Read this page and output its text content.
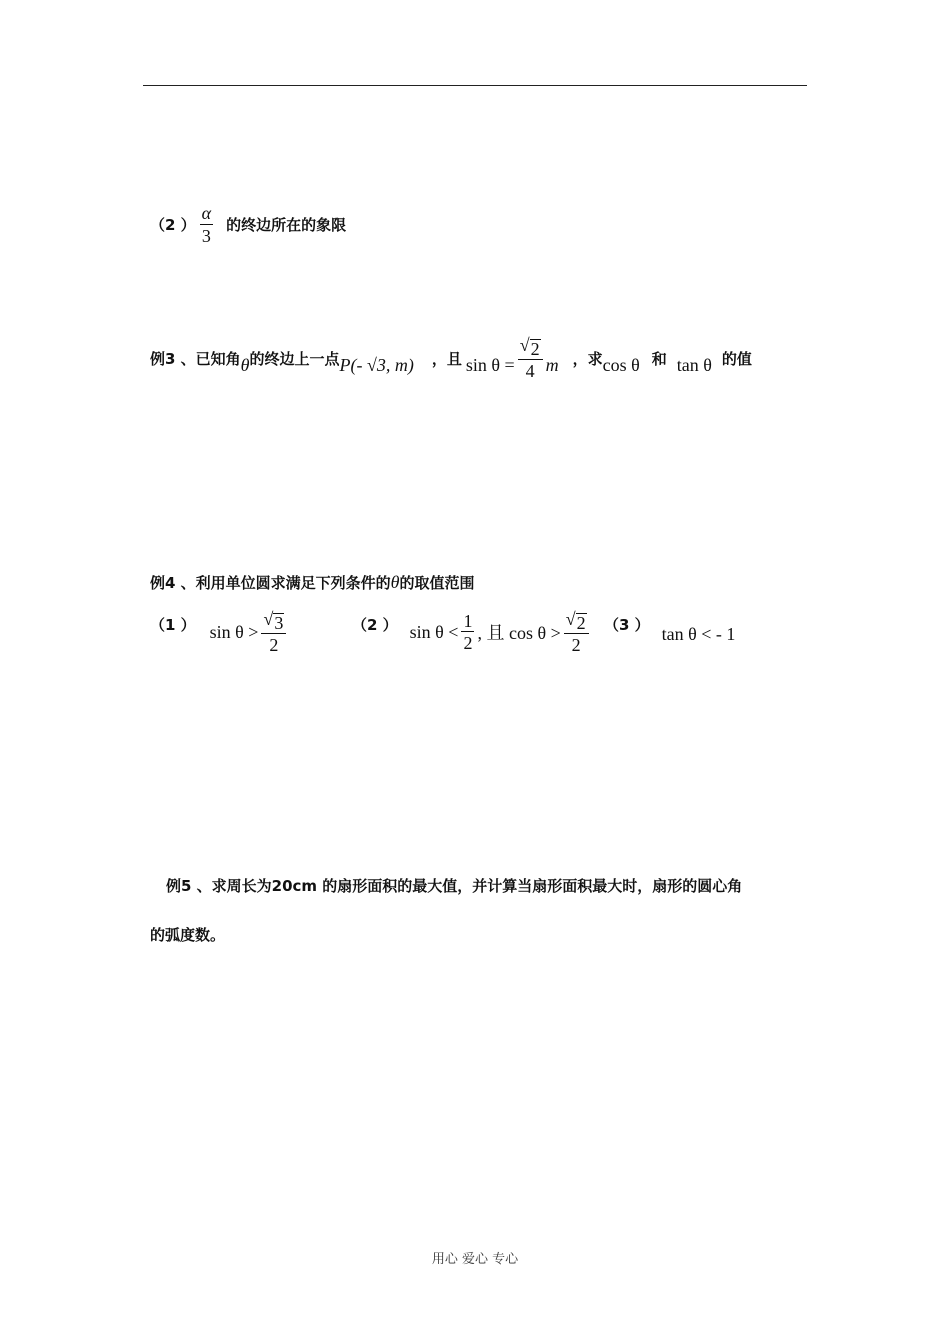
（2 ） $\frac{\alpha}{3}$ 的终边所在的象限
例3 、已知角 θ 的终边上一点 P(- √3, m) ，且 $\sin \theta = \frac{√ 2}{4}$ m ，求 cos θ 和 tan θ 的值
例4 、利用单位圆求满足下列条件的 θ 的取值范围
（1 ） $\sin \theta > \frac{√ 3}{2}$	（2 ） $\sin \theta < \frac{1}{2}$ , 且 $\cos \theta > \frac{√ 2}{2} (3$ ） tan θ < - 1
例5 、求周长为20cm 的扇形面积的最大值，并计算当扇形面积最大时，扇形的圆心角
的弧度数。
用心 爱心 专心
